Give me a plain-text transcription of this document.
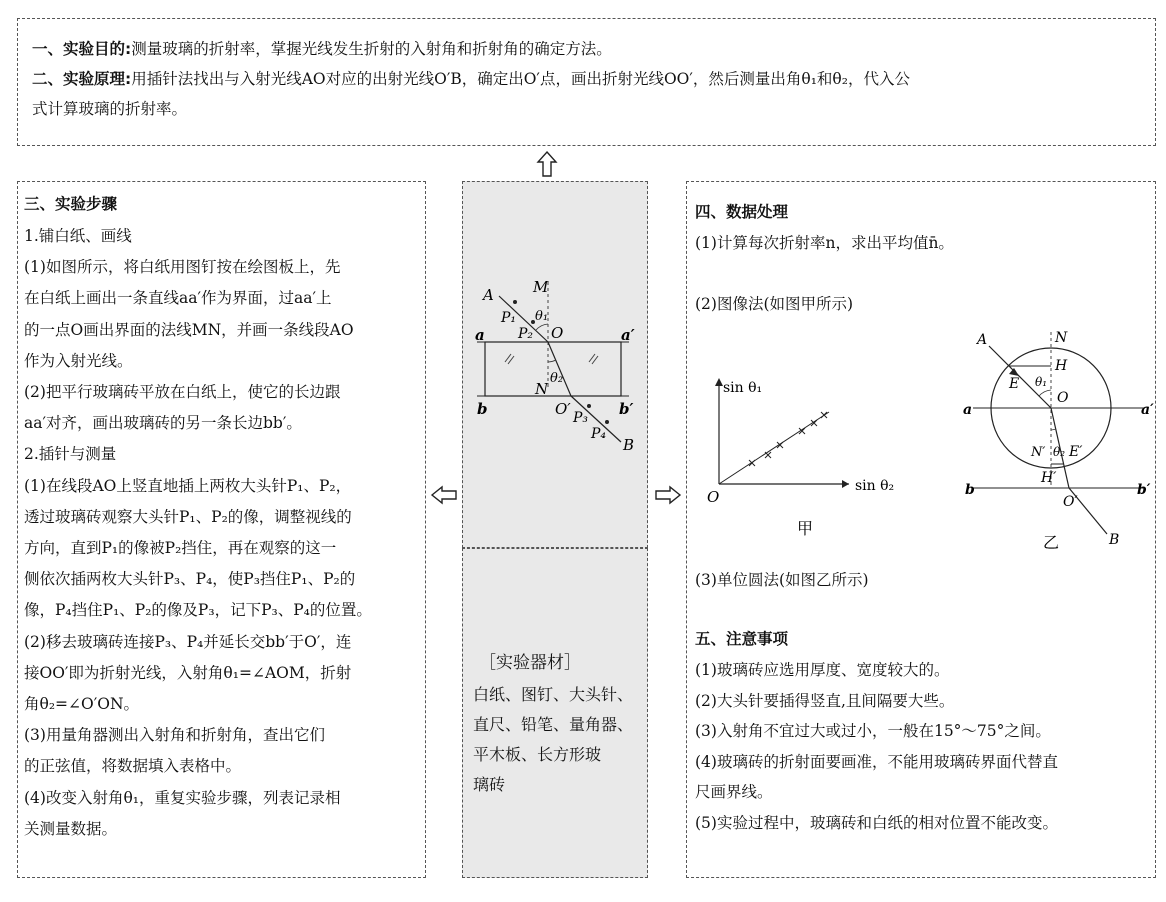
一、实验目的:测量玻璃的折射率，掌握光线发生折射的入射角和折射角的确定方法。
二、实验原理:用插针法找出与入射光线AO对应的出射光线O′B，确定出O′点，画出折射光线OO′，然后测量出角θ₁和θ₂，代入公
式计算玻璃的折射率。
三、实验步骤
1.铺白纸、画线
(1)如图所示，将白纸用图钉按在绘图板上，先
在白纸上画出一条直线aa′作为界面，过aa′上
的一点O画出界面的法线MN，并画一条线段AO
作为入射光线。
(2)把平行玻璃砖平放在白纸上，使它的长边跟
aa′对齐，画出玻璃砖的另一条长边bb′。
2.插针与测量
(1)在线段AO上竖直地插上两枚大头针P₁、P₂，
透过玻璃砖观察大头针P₁、P₂的像，调整视线的
方向，直到P₁的像被P₂挡住，再在观察的这一
侧依次插两枚大头针P₃、P₄，使P₃挡住P₁、P₂的
像，P₄挡住P₁、P₂的像及P₃，记下P₃、P₄的位置。
(2)移去玻璃砖连接P₃、P₄并延长交bb′于O′，连
接OO′即为折射光线，入射角θ₁=∠AOM，折射
角θ₂=∠O′ON。
(3)用量角器测出入射角和折射角，查出它们
的正弦值，将数据填入表格中。
(4)改变入射角θ₁，重复实验步骤，列表记录相
关测量数据。
A	M
P₁ θ₁
P₂ O
a	a′
N
θ₂
b	b′
O′ P₃
P₄
B
［实验器材］
白纸、图钉、大头针、
直尺、铅笔、量角器、
平木板、长方形玻
璃砖
四、数据处理
(1)计算每次折射率n，求出平均值n̄。
(2)图像法(如图甲所示)
sin θ₁
sin θ₂
O
甲
A	N
H
E θ₁
O
a	a′
N′ θ₂ E′
H′
b	b′
O′
B
乙
(3)单位圆法(如图乙所示)
五、注意事项
(1)玻璃砖应选用厚度、宽度较大的。
(2)大头针要插得竖直,且间隔要大些。
(3)入射角不宜过大或过小，一般在15°～75°之间。
(4)玻璃砖的折射面要画准，不能用玻璃砖界面代替直
尺画界线。
(5)实验过程中，玻璃砖和白纸的相对位置不能改变。
